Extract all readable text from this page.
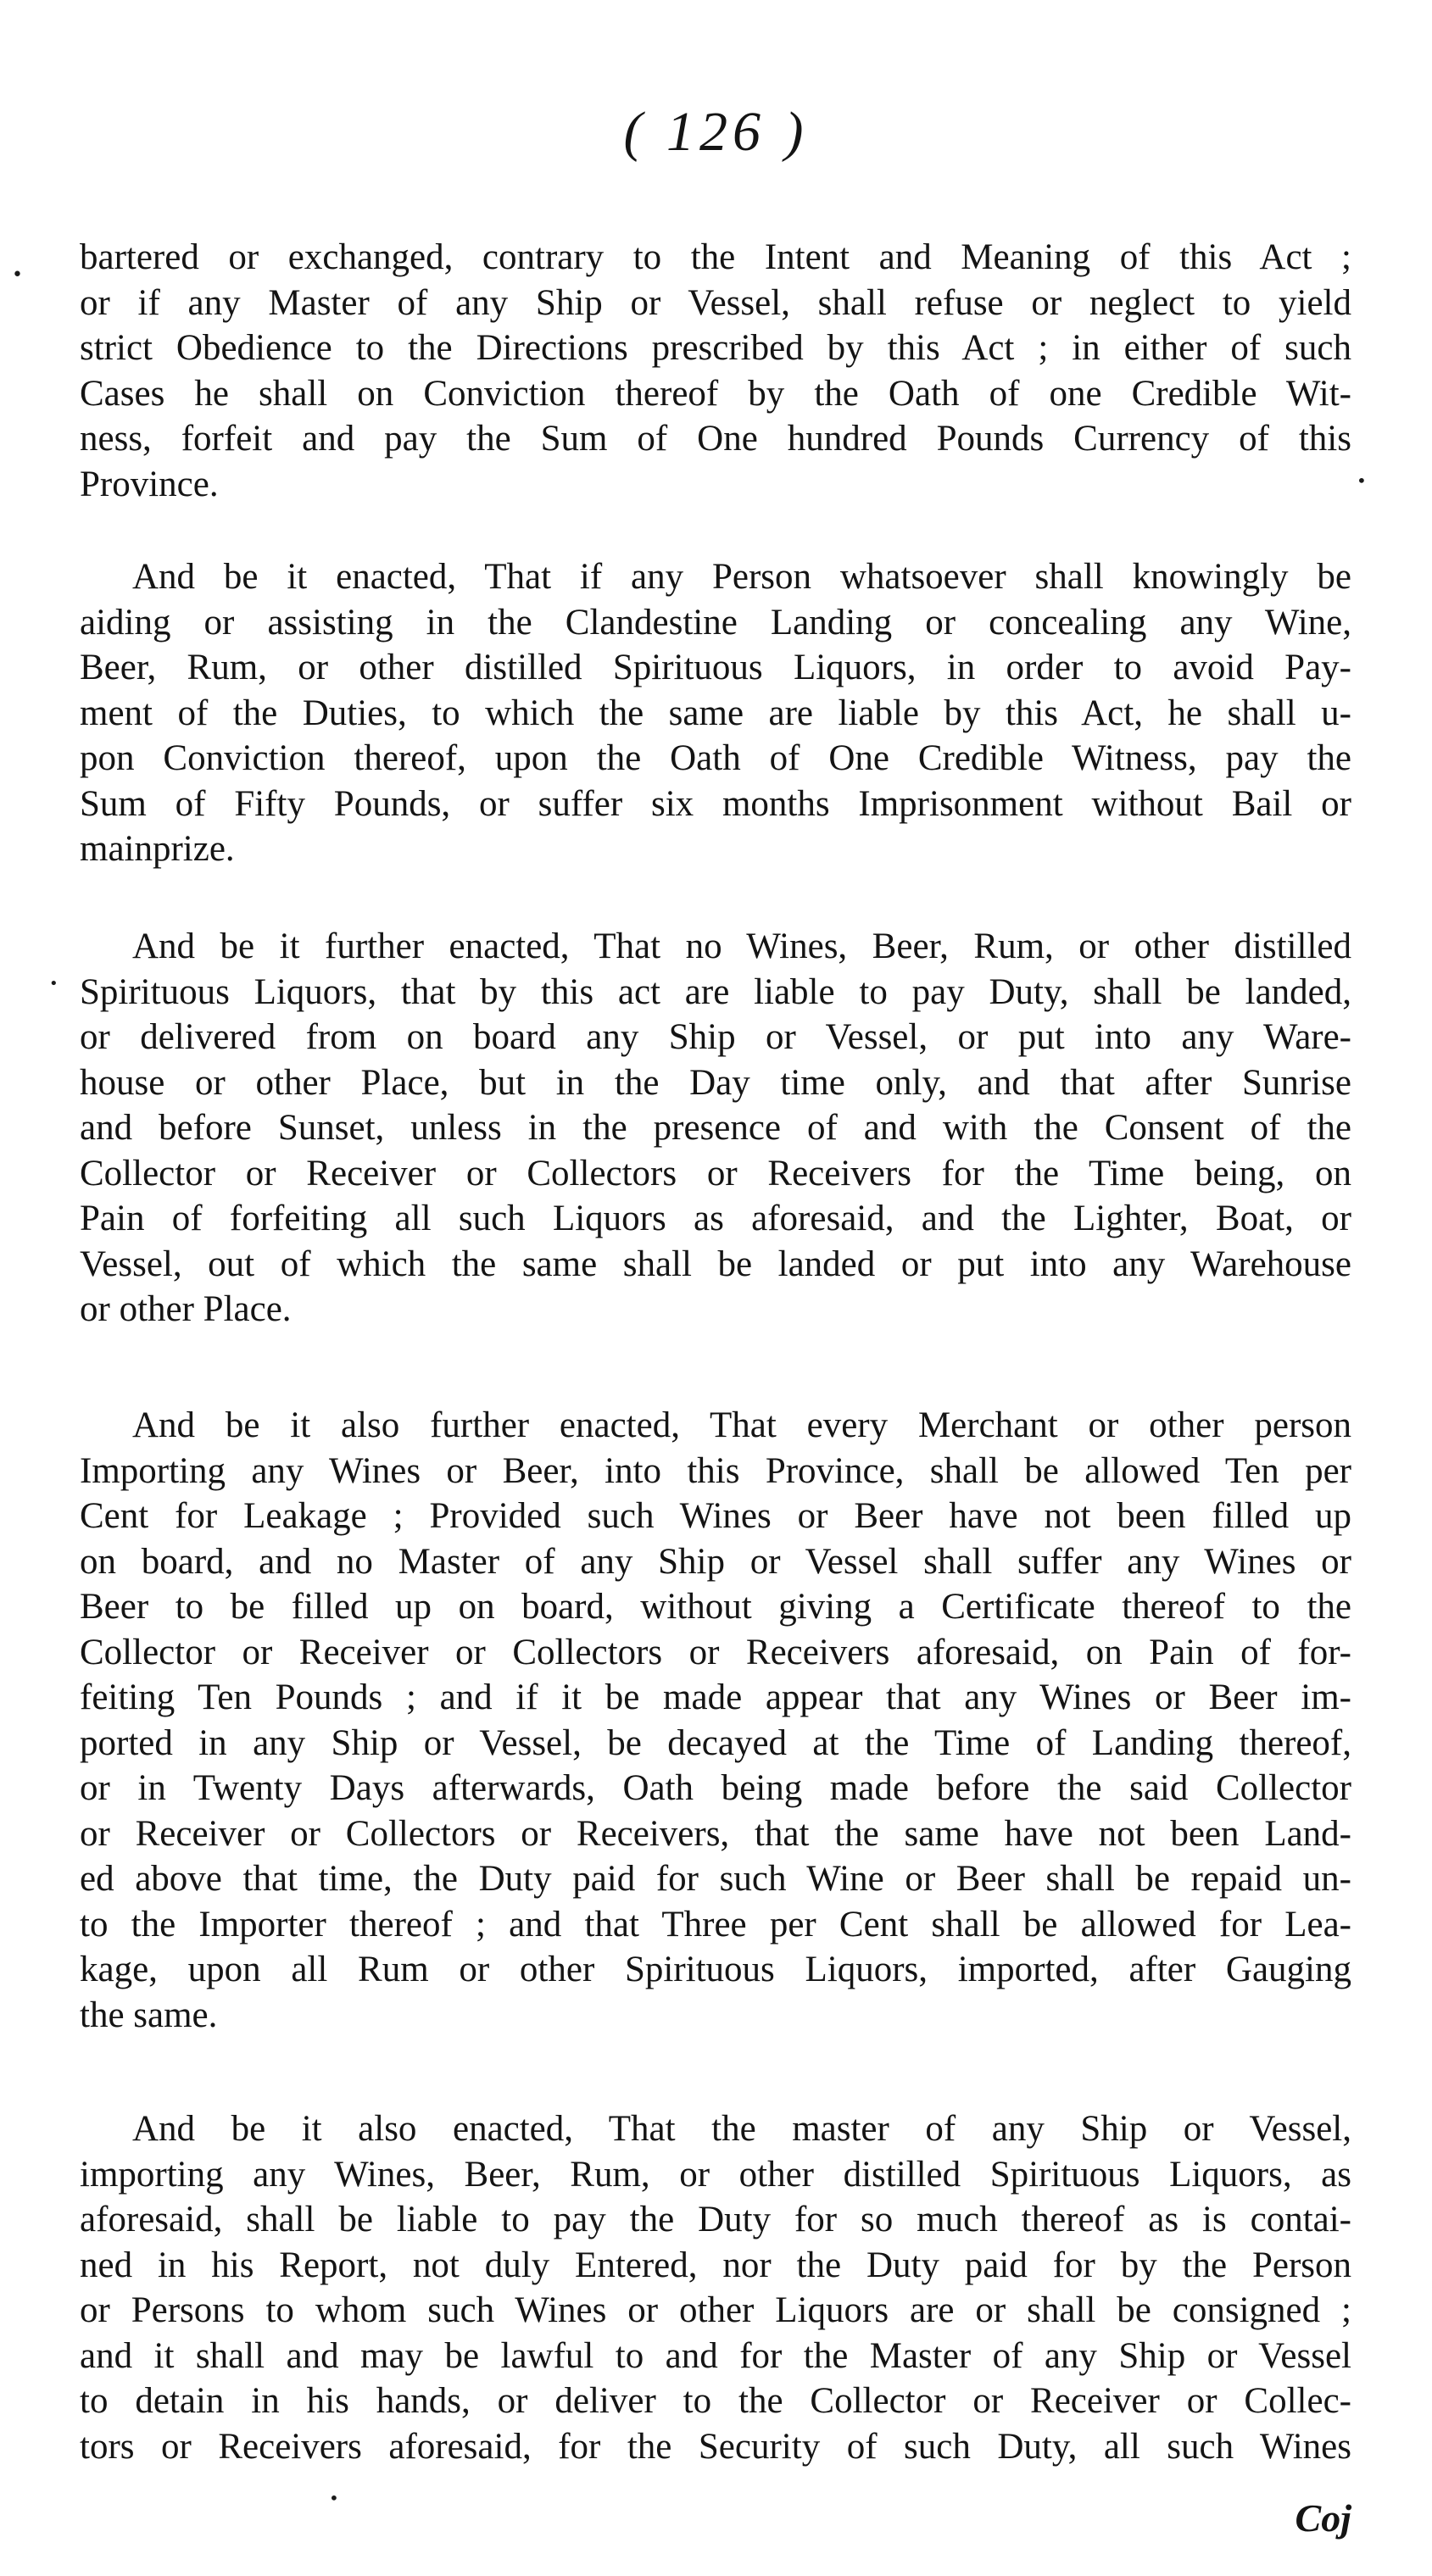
( 126 )
bartered or exchanged, contrary to the Intent and Meaning of this Act ;
or if any Master of any Ship or Vessel, shall refuse or neglect to yield
strict Obedience to the Directions prescribed by this Act ; in either of such
Cases he shall on Conviction thereof by the Oath of one Credible Wit-
ness, forfeit and pay the Sum of One hundred Pounds Currency of this
Province.
And be it enacted, That if any Person whatsoever shall knowingly be
aiding or assisting in the Clandestine Landing or concealing any Wine,
Beer, Rum, or other distilled Spirituous Liquors, in order to avoid Pay-
ment of the Duties, to which the same are liable by this Act, he shall u-
pon Conviction thereof, upon the Oath of One Credible Witness, pay the
Sum of Fifty Pounds, or suffer six months Imprisonment without Bail or
mainprize.
And be it further enacted, That no Wines, Beer, Rum, or other distilled
Spirituous Liquors, that by this act are liable to pay Duty, shall be landed,
or delivered from on board any Ship or Vessel, or put into any Ware-
house or other Place, but in the Day time only, and that after Sunrise
and before Sunset, unless in the presence of and with the Consent of the
Collector or Receiver or Collectors or Receivers for the Time being, on
Pain of forfeiting all such Liquors as aforesaid, and the Lighter, Boat, or
Vessel, out of which the same shall be landed or put into any Warehouse
or other Place.
And be it also further enacted, That every Merchant or other person
Importing any Wines or Beer, into this Province, shall be allowed Ten per
Cent for Leakage ; Provided such Wines or Beer have not been filled up
on board, and no Master of any Ship or Vessel shall suffer any Wines or
Beer to be filled up on board, without giving a Certificate thereof to the
Collector or Receiver or Collectors or Receivers aforesaid, on Pain of for-
feiting Ten Pounds ; and if it be made appear that any Wines or Beer im-
ported in any Ship or Vessel, be decayed at the Time of Landing thereof,
or in Twenty Days afterwards, Oath being made before the said Collector
or Receiver or Collectors or Receivers, that the same have not been Land-
ed above that time, the Duty paid for such Wine or Beer shall be repaid un-
to the Importer thereof ; and that Three per Cent shall be allowed for Lea-
kage, upon all Rum or other Spirituous Liquors, imported, after Gauging
the same.
And be it also enacted, That the master of any Ship or Vessel,
importing any Wines, Beer, Rum, or other distilled Spirituous Liquors, as
aforesaid, shall be liable to pay the Duty for so much thereof as is contai-
ned in his Report, not duly Entered, nor the Duty paid for by the Person
or Persons to whom such Wines or other Liquors are or shall be consigned ;
and it shall and may be lawful to and for the Master of any Ship or Vessel
to detain in his hands, or deliver to the Collector or Receiver or Collec-
tors or Receivers aforesaid, for the Security of such Duty, all such Wines
•
•
•
•	Coj
